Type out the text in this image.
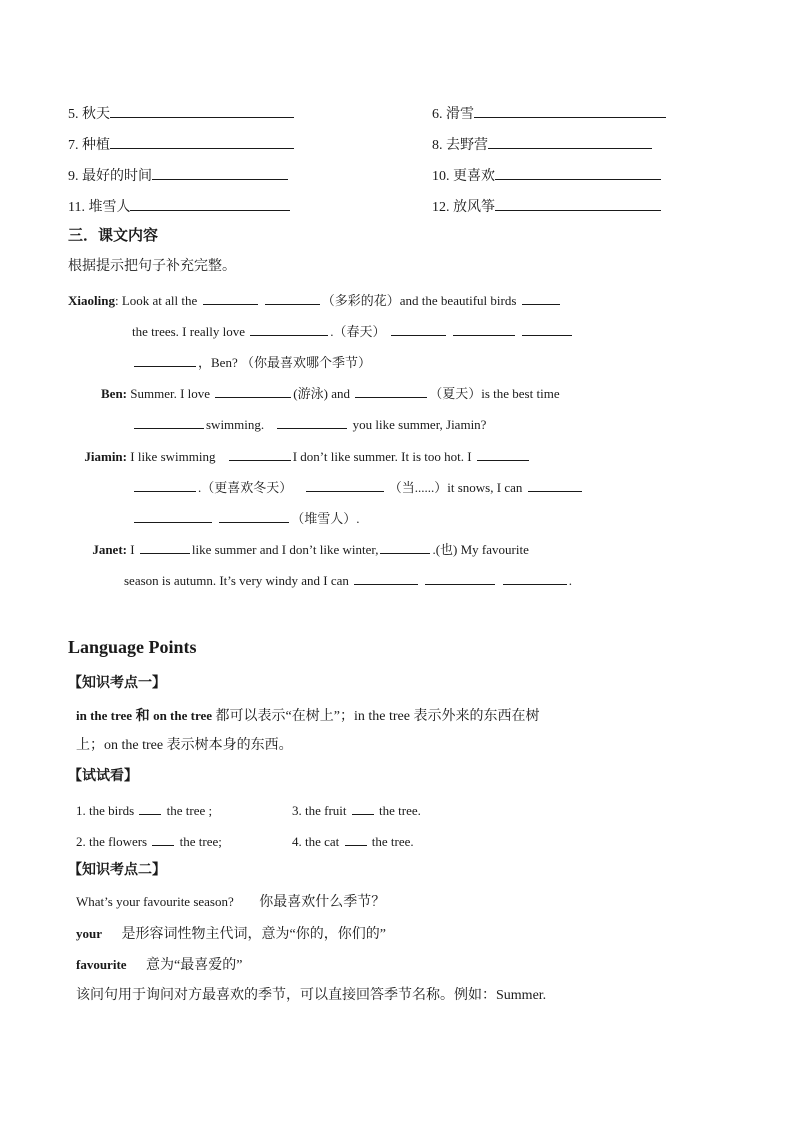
5. 秋天	6. 滑雪
7. 种植	8. 去野营
9. 最好的时间	10. 更喜欢
11. 堆雪人	12. 放风筝
三．课文内容
根据提示把句子补充完整。
Xiaoling: Look at all the	（多彩的花）and the beautiful birds
the trees. I really love	.（春天）
，Ben? （你最喜欢哪个季节）
Ben: Summer. I love	(游泳) and	（夏天）is the best time
swimming.	you like summer, Jiamin?
Jiamin: I like swimming	I don’t like summer. It is too hot. I
.（更喜欢冬天）	（当......）it snows, I can
（堆雪人）.
Janet: I	like summer and I don’t like winter,	.(也) My favourite
season is autumn. It’s very windy and I can	.
Language Points
【知识考点一】
in the tree 和 on the tree 都可以表示“在树上”；in the tree 表示外来的东西在树
上；on the tree 表示树本身的东西。
【试试看】
1. the birds	the tree ;	3. the fruit	the tree.
2. the flowers	the tree;	4. the cat	the tree.
【知识考点二】
What’s your favourite season? 你最喜欢什么季节？
your 是形容词性物主代词，意为“你的，你们的”
favourite 意为“最喜爱的”
该问句用于询问对方最喜欢的季节，可以直接回答季节名称。例如：Summer.
